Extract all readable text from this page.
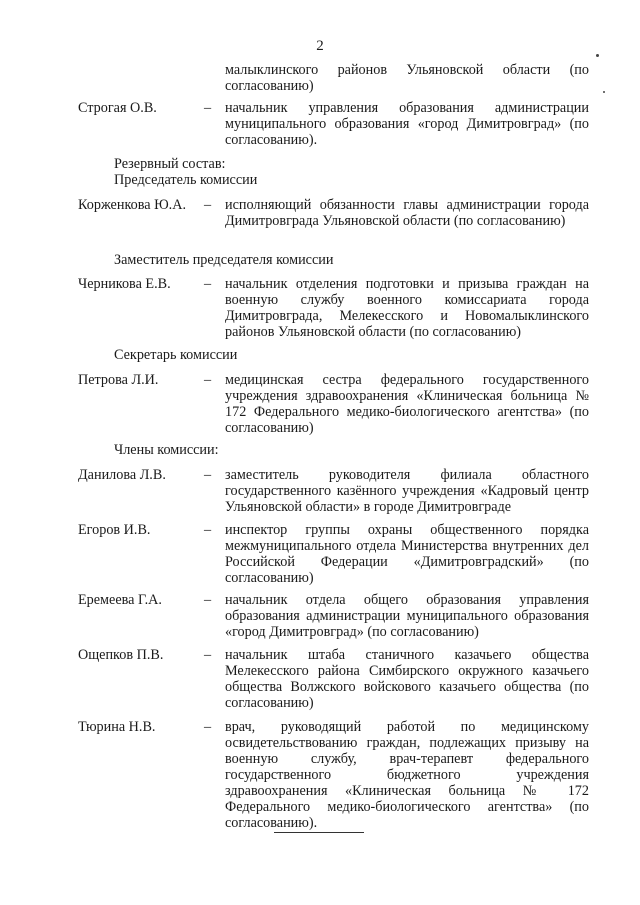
2
малыклинского районов Ульяновской области (по согласованию)
Строгая О.В.	– начальник управления образования администрации муниципального образования «город Димитровград» (по согласованию).
Резервный состав:
Председатель комиссии
Корженкова Ю.А. – исполняющий обязанности главы администрации города Димитровграда Ульяновской области (по согласованию)
Заместитель председателя комиссии
Черникова Е.В. – начальник отделения подготовки и призыва граждан на военную службу военного комиссариата города Димитровграда, Мелекесского и Новомалыклинского районов Ульяновской области (по согласованию)
Секретарь комиссии
Петрова Л.И.	– медицинская сестра федерального государственного учреждения здравоохранения «Клиническая больница № 172 Федерального медико-биологического агентства» (по согласованию)
Члены комиссии:
Данилова Л.В.	– заместитель руководителя филиала областного государственного казённого учреждения «Кадровый центр Ульяновской области» в городе Димитровграде
Егоров И.В.	– инспектор группы охраны общественного порядка межмуниципального отдела Министерства внутренних дел Российской Федерации «Димитровградский» (по согласованию)
Еремеева Г.А.	– начальник отдела общего образования управления образования администрации муниципального образования «город Димитровград» (по согласованию)
Ощепков П.В.	– начальник штаба станичного казачьего общества Мелекесского района Симбирского окружного казачьего общества Волжского войскового казачьего общества (по согласованию)
Тюрина Н.В.	– врач, руководящий работой по медицинскому освидетельствованию граждан, подлежащих призыву на военную службу, врач-терапевт федерального государственного бюджетного учреждения здравоохранения «Клиническая больница № 172 Федерального медико-биологического агентства» (по согласованию).
